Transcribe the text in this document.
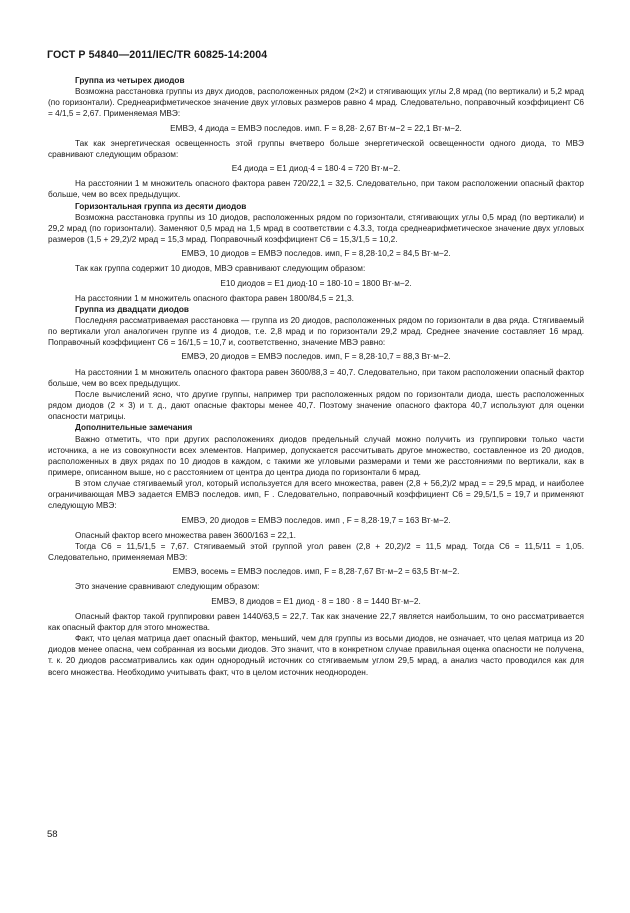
ГОСТ Р 54840—2011/IEC/TR 60825-14:2004

Группа из четырех диодов

Возможна расстановка группы из двух диодов, расположенных рядом (2×2) и стягивающих углы 2,8 мрад (по вертикали) и 5,2 мрад (по горизонтали). Среднеарифметическое значение двух угловых размеров равно 4 мрад. Следовательно, поправочный коэффициент C6 = 4/1,5 = 2,67. Применяемая МВЭ:

EМВЭ, 4 диода = EМВЭ последов. имп. F = 8,28· 2,67 Вт·м−2 = 22,1 Вт·м−2.

Так как энергетическая освещенность этой группы вчетверо больше энергетической освещенности одного диода, то МВЭ сравнивают следующим образом:

E4 диода = E1 диод·4 = 180·4 = 720 Вт·м−2.

На расстоянии 1 м множитель опасного фактора равен 720/22,1 = 32,5. Следовательно, при таком расположении опасный фактор больше, чем во всех предыдущих.

Горизонтальная группа из десяти диодов

Возможна расстановка группы из 10 диодов, расположенных рядом по горизонтали, стягивающих углы 0,5 мрад (по вертикали) и 29,2 мрад (по горизонтали). Заменяют 0,5 мрад на 1,5 мрад в соответствии с 4.3.3, тогда среднеарифметическое значение двух угловых размеров (1,5 + 29,2)/2 мрад = 15,3 мрад. Поправочный коэффициент C6 = 15,3/1,5 = 10,2.

EМВЭ, 10 диодов = EМВЭ последов. имп, F = 8,28·10,2 = 84,5 Вт·м−2.

Так как группа содержит 10 диодов, МВЭ сравнивают следующим образом:

E10 диодов = E1 диод·10 = 180·10 = 1800 Вт·м−2.

На расстоянии 1 м множитель опасного фактора равен 1800/84,5 = 21,3.

Группа из двадцати диодов

Последняя рассматриваемая расстановка — группа из 20 диодов, расположенных рядом по горизонтали в два ряда. Стягиваемый по вертикали угол аналогичен группе из 4 диодов, т.е. 2,8 мрад и по горизонтали 29,2 мрад. Среднее значение составляет 16 мрад. Поправочный коэффициент C6 = 16/1,5 = 10,7 и, соответственно, значение МВЭ равно:

EМВЭ, 20 диодов = EМВЭ последов. имп, F = 8,28·10,7 = 88,3 Вт·м−2.

На расстоянии 1 м множитель опасного фактора равен 3600/88,3 = 40,7. Следовательно, при таком расположении опасный фактор больше, чем во всех предыдущих.

После вычислений ясно, что другие группы, например три расположенных рядом по горизонтали диода, шесть расположенных рядом диодов (2 × 3) и т. д., дают опасные факторы менее 40,7. Поэтому значение опасного фактора 40,7 используют для оценки опасности матрицы.

Дополнительные замечания

Важно отметить, что при других расположениях диодов предельный случай можно получить из группировки только части источника, а не из совокупности всех элементов. Например, допускается рассчитывать другое множество, составленное из 20 диодов, расположенных в двух рядах по 10 диодов в каждом, с такими же угловыми размерами и теми же расстояниями по вертикали, как в примере, описанном выше, но с расстоянием от центра до центра диода по горизонтали 6 мрад.

В этом случае стягиваемый угол, который используется для всего множества, равен (2,8 + 56,2)/2 мрад = = 29,5 мрад, и наиболее ограничивающая МВЭ задается EМВЭ последов. имп, F . Следовательно, поправочный коэффициент C6 = 29,5/1,5 = 19,7 и применяют следующую МВЭ:

EМВЭ, 20 диодов = EМВЭ последов. имп , F = 8,28·19,7 = 163 Вт·м−2.

Опасный фактор всего множества равен 3600/163 = 22,1.

Тогда C6 = 11,5/1,5 = 7,67. Стягиваемый этой группой угол равен (2,8 + 20,2)/2 = 11,5 мрад. Тогда C6 = 11,5/11 = 1,05. Следовательно, применяемая МВЭ:

EМВЭ, восемь = EМВЭ последов. имп, F = 8,28·7,67 Вт·м−2 = 63,5 Вт·м−2.

Это значение сравнивают следующим образом:

EМВЭ, 8 диодов = E1 диод · 8 = 180 · 8 = 1440 Вт·м−2.

Опасный фактор такой группировки равен 1440/63,5 = 22,7. Так как значение 22,7 является наибольшим, то оно рассматривается как опасный фактор для этого множества.

Факт, что целая матрица дает опасный фактор, меньший, чем для группы из восьми диодов, не означает, что целая матрица из 20 диодов менее опасна, чем собранная из восьми диодов. Это значит, что в конкретном случае правильная оценка опасности не получена, т. к. 20 диодов рассматривались как один однородный источник со стягиваемым углом 29,5 мрад, а анализ часто проводился как для всего множества. Необходимо учитывать факт, что в целом источник неоднороден.

58
